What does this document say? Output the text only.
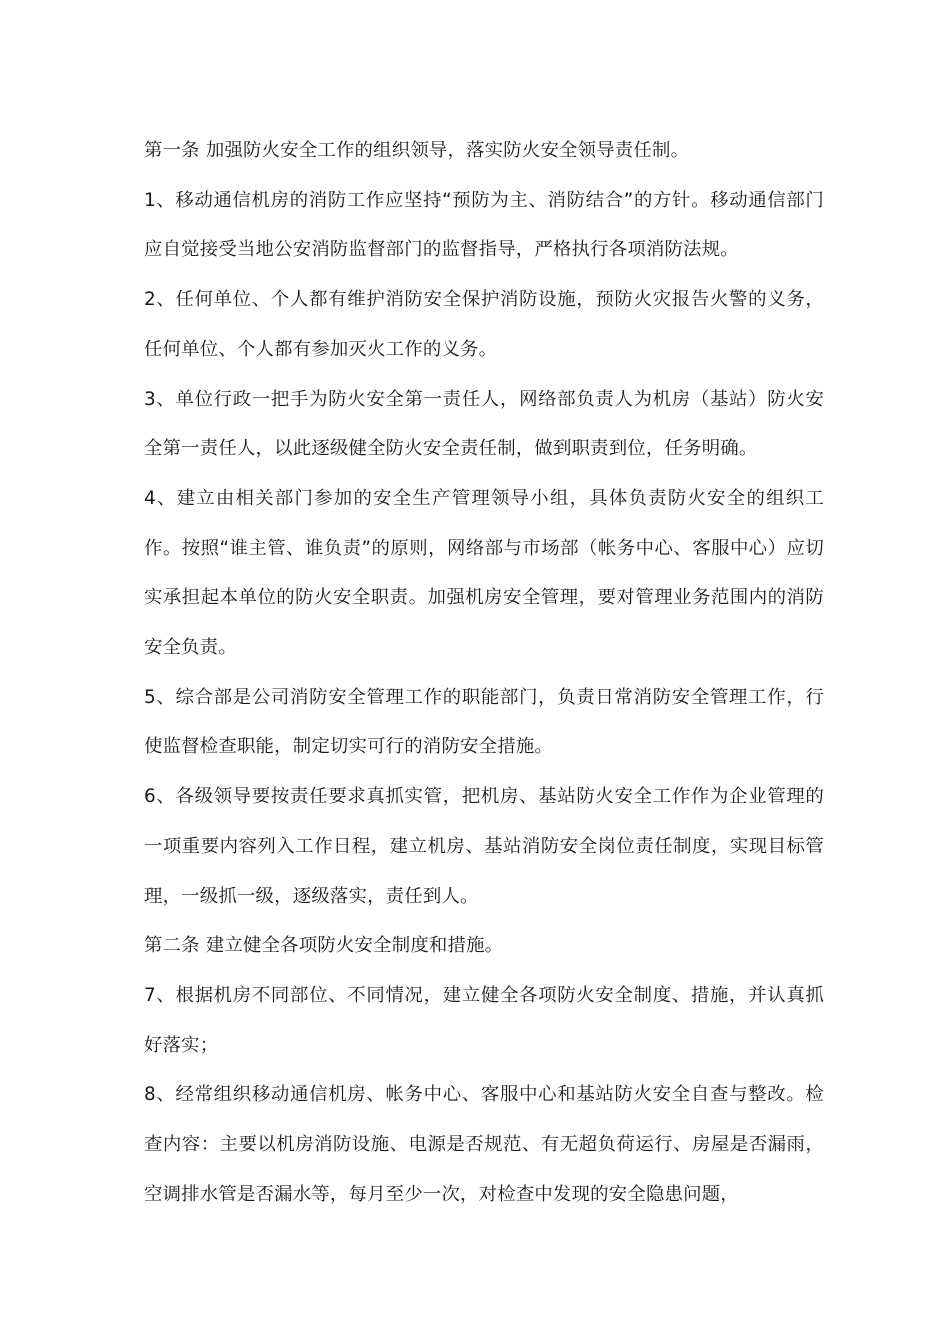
第一条 加强防火安全工作的组织领导，落实防火安全领导责任制。

1、移动通信机房的消防工作应坚持“预防为主、消防结合”的方针。移动通信部门应自觉接受当地公安消防监督部门的监督指导，严格执行各项消防法规。

2、任何单位、个人都有维护消防安全保护消防设施，预防火灾报告火警的义务，任何单位、个人都有参加灭火工作的义务。

3、单位行政一把手为防火安全第一责任人，网络部负责人为机房（基站）防火安全第一责任人，以此逐级健全防火安全责任制，做到职责到位，任务明确。

4、建立由相关部门参加的安全生产管理领导小组，具体负责防火安全的组织工作。按照“谁主管、谁负责”的原则，网络部与市场部（帐务中心、客服中心）应切实承担起本单位的防火安全职责。加强机房安全管理，要对管理业务范围内的消防安全负责。

5、综合部是公司消防安全管理工作的职能部门，负责日常消防安全管理工作，行使监督检查职能，制定切实可行的消防安全措施。

6、各级领导要按责任要求真抓实管，把机房、基站防火安全工作作为企业管理的一项重要内容列入工作日程，建立机房、基站消防安全岗位责任制度，实现目标管理，一级抓一级，逐级落实，责任到人。

第二条 建立健全各项防火安全制度和措施。

7、根据机房不同部位、不同情况，建立健全各项防火安全制度、措施，并认真抓好落实；

8、经常组织移动通信机房、帐务中心、客服中心和基站防火安全自查与整改。检查内容：主要以机房消防设施、电源是否规范、有无超负荷运行、房屋是否漏雨，空调排水管是否漏水等，每月至少一次，对检查中发现的安全隐患问题，
